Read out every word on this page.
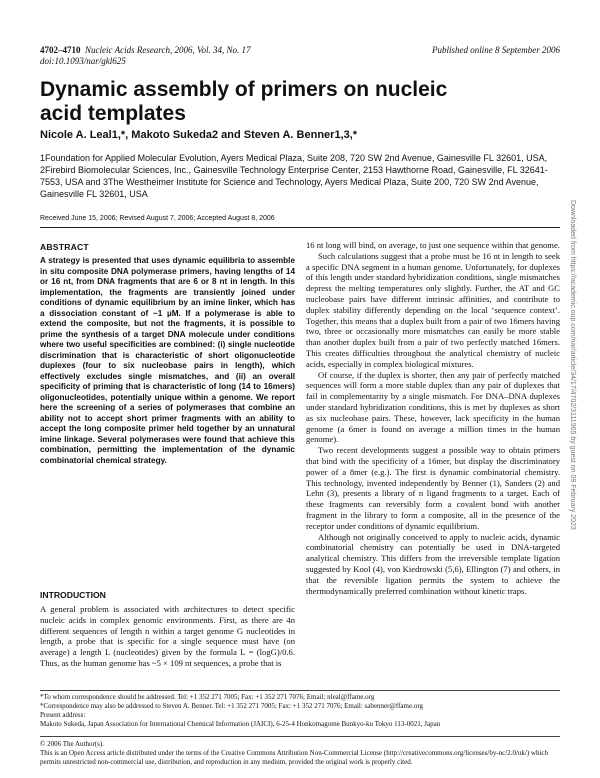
4702–4710 Nucleic Acids Research, 2006, Vol. 34, No. 17	Published online 8 September 2006
doi:10.1093/nar/gkl625
Dynamic assembly of primers on nucleic acid templates
Nicole A. Leal1,*, Makoto Sukeda2 and Steven A. Benner1,3,*
1Foundation for Applied Molecular Evolution, Ayers Medical Plaza, Suite 208, 720 SW 2nd Avenue, Gainesville FL 32601, USA, 2Firebird Biomolecular Sciences, Inc., Gainesville Technology Enterprise Center, 2153 Hawthorne Road, Gainesville, FL 32641-7553, USA and 3The Westheimer Institute for Science and Technology, Ayers Medical Plaza, Suite 200, 720 SW 2nd Avenue, Gainesville FL 32601, USA
Received June 15, 2006; Revised August 7, 2006; Accepted August 8, 2006
ABSTRACT
A strategy is presented that uses dynamic equilibria to assemble in situ composite DNA polymerase primers, having lengths of 14 or 16 nt, from DNA fragments that are 6 or 8 nt in length. In this implementation, the fragments are transiently joined under conditions of dynamic equilibrium by an imine linker, which has a dissociation constant of ~1 µM. If a polymerase is able to extend the composite, but not the fragments, it is possible to prime the synthesis of a target DNA molecule under conditions where two useful specificities are combined: (i) single nucleotide discrimination that is characteristic of short oligonucleotide duplexes (four to six nucleobase pairs in length), which effectively excludes single mismatches, and (ii) an overall specificity of priming that is characteristic of long (14 to 16mers) oligonucleotides, potentially unique within a genome. We report here the screening of a series of polymerases that combine an ability not to accept short primer fragments with an ability to accept the long composite primer held together by an unnatural imine linkage. Several polymerases were found that achieve this combination, permitting the implementation of the dynamic combinatorial chemical strategy.
INTRODUCTION

A general problem is associated with architectures to detect specific nucleic acids in complex genomic environments. First, as there are 4n different sequences of length n within a target genome G nucleotides in length, a probe that is specific for a single sequence must have (on average) a length L (nucleotides) given by the formula L = (logG)/0.6. Thus, as the human genome has ~5 × 109 nt sequences, a probe that is

16 nt long will bind, on average, to just one sequence within that genome.

Such calculations suggest that a probe must be 16 nt in length to seek a specific DNA segment in a human genome. Unfortunately, for duplexes of this length under standard hybridization conditions, single mismatches depress the melting temperatures only slightly. Further, the AT and GC nucleobase pairs have different intrinsic affinities, and contribute to duplex stability differently depending on the local ‘sequence context’. Together, this means that a duplex built from a pair of two 16mers having two, three or occasionally more mismatches can easily be more stable than another duplex built from a pair of two perfectly matched 16mers. This creates difficulties throughout the analytical chemistry of nucleic acids, especially in complex biological mixtures.

Of course, if the duplex is shorter, then any pair of perfectly matched sequences will form a more stable duplex than any pair of duplexes that fail in complementarity by a single mismatch. For DNA–DNA duplexes under standard hybridization conditions, this is met by duplexes as short as six nucleobase pairs. These, however, lack specificity in the human genome (a 6mer is found on average a million times in the human genome).

Two recent developments suggest a possible way to obtain primers that bind with the specificity of a 16mer, but display the discriminatory power of a 8mer (e.g.). The first is dynamic combinatorial chemistry. This technology, invented independently by Benner (1), Sanders (2) and Lehn (3), presents a library of n ligand fragments to a target. Each of these fragments can reversibly form a covalent bond with another fragment in the library to form a composite, all in the presence of the receptor under conditions of dynamic equilibrium.

Although not originally conceived to apply to nucleic acids, dynamic combinatorial chemistry can potentially be used in DNA-targeted analytical chemistry. This differs from the irreversible template ligation suggested by Kool (4), von Kiedrowski (5,6), Ellington (7) and others, in that the reversible ligation permits the system to achieve the thermodynamically preferred combination without kinetic traps.

*To whom correspondence should be addressed. Tel: +1 352 271 7005; Fax: +1 352 271 7076; Email: nleal@ffame.org
*Correspondence may also be addressed to Steven A. Benner. Tel: +1 352 271 7005; Fax: +1 352 271 7076; Email: sabenner@ffame.org
Present address:
Makoto Sukeda, Japan Association for International Chemical Information (JAICI), 6-25-4 Honkomagome Bunkyo-ku Tokyo 113-0021, Japan
© 2006 The Author(s).
This is an Open Access article distributed under the terms of the Creative Commons Attribution Non-Commercial License (http://creativecommons.org/licenses/by-nc/2.0/uk/) which permits unrestricted non-commercial use, distribution, and reproduction in any medium, provided the original work is properly cited.
Downloaded from https://academic.oup.com/nar/article/34/17/4702/3111965 by guest on 09 February 2023
